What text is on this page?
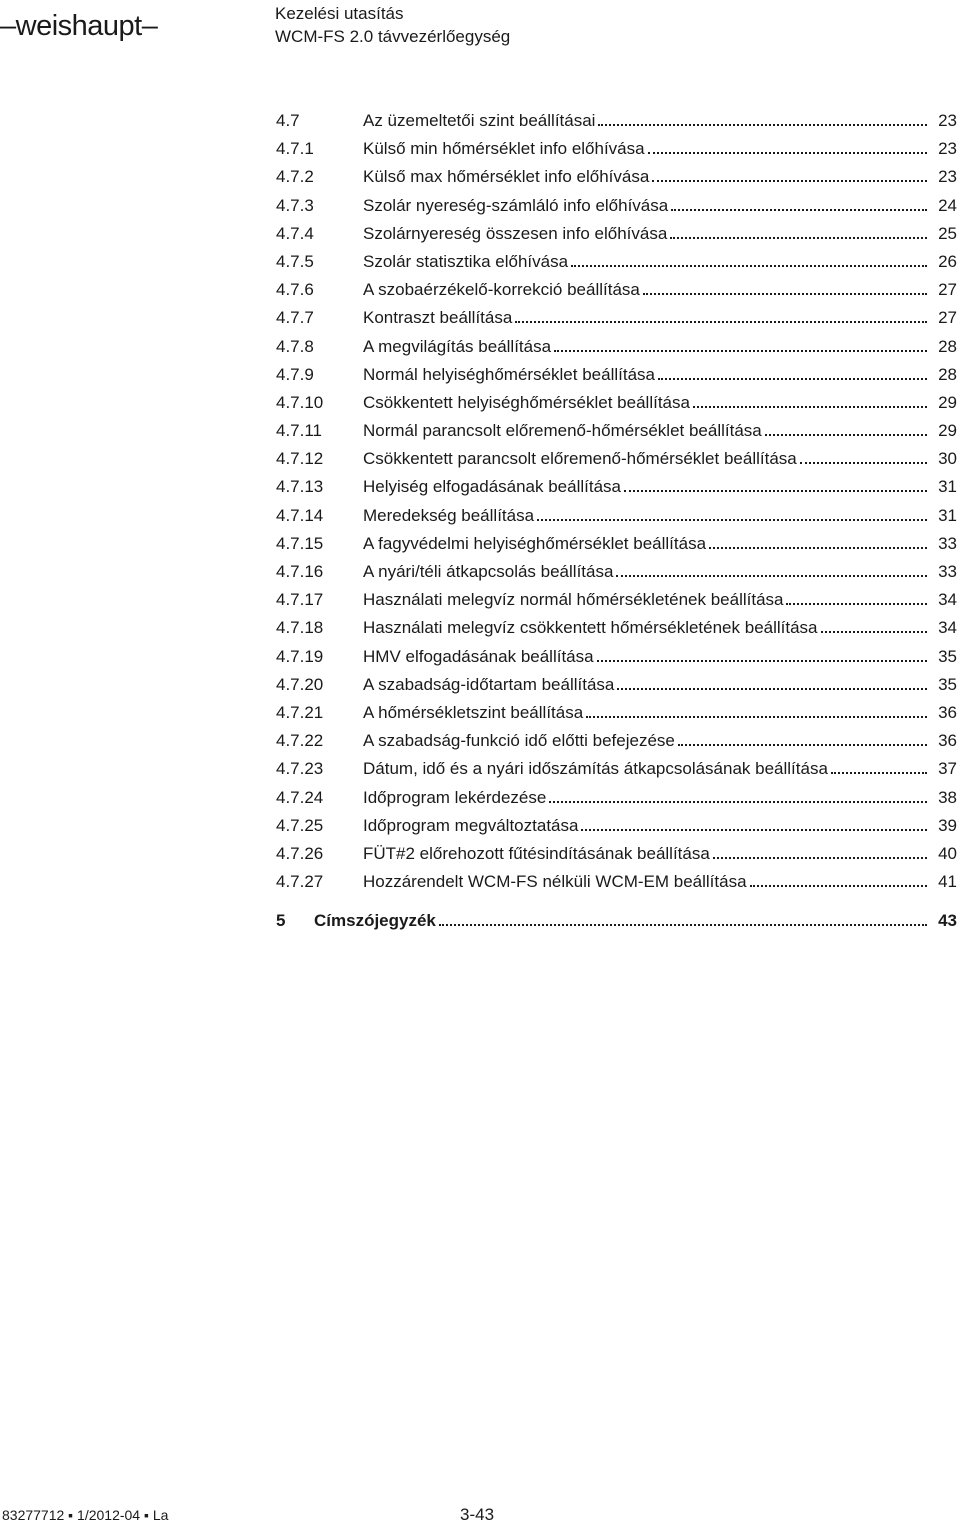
–weishaupt–	Kezelési utasítás
WCM-FS 2.0 távvezérlőegység
4.7	Az üzemeltetői szint beállításai	23
4.7.1	Külső min hőmérséklet info előhívása	23
4.7.2	Külső max hőmérséklet info előhívása	23
4.7.3	Szolár nyereség-számláló info előhívása	24
4.7.4	Szolárnyereség összesen info előhívása	25
4.7.5	Szolár statisztika előhívása	26
4.7.6	A szobaérzékelő-korrekció beállítása	27
4.7.7	Kontraszt beállítása	27
4.7.8	A megvilágítás beállítása	28
4.7.9	Normál helyiséghőmérséklet beállítása	28
4.7.10	Csökkentett helyiséghőmérséklet beállítása	29
4.7.11	Normál parancsolt előremenő-hőmérséklet beállítása	29
4.7.12	Csökkentett parancsolt előremenő-hőmérséklet beállítása	30
4.7.13	Helyiség elfogadásának beállítása	31
4.7.14	Meredekség beállítása	31
4.7.15	A fagyvédelmi helyiséghőmérséklet beállítása	33
4.7.16	A nyári/téli átkapcsolás beállítása	33
4.7.17	Használati melegvíz normál hőmérsékletének beállítása	34
4.7.18	Használati melegvíz csökkentett hőmérsékletének beállítása	34
4.7.19	HMV elfogadásának beállítása	35
4.7.20	A szabadság-időtartam beállítása	35
4.7.21	A hőmérsékletszint beállítása	36
4.7.22	A szabadság-funkció idő előtti befejezése	36
4.7.23	Dátum, idő és a nyári időszámítás átkapcsolásának beállítása	37
4.7.24	Időprogram lekérdezése	38
4.7.25	Időprogram megváltoztatása	39
4.7.26	FÜT#2 előrehozott fűtésindításának beállítása	40
4.7.27	Hozzárendelt WCM-FS nélküli WCM-EM beállítása	41
5	Címszójegyzék	43
83277712 ▪ 1/2012-04 ▪ La	3-43
